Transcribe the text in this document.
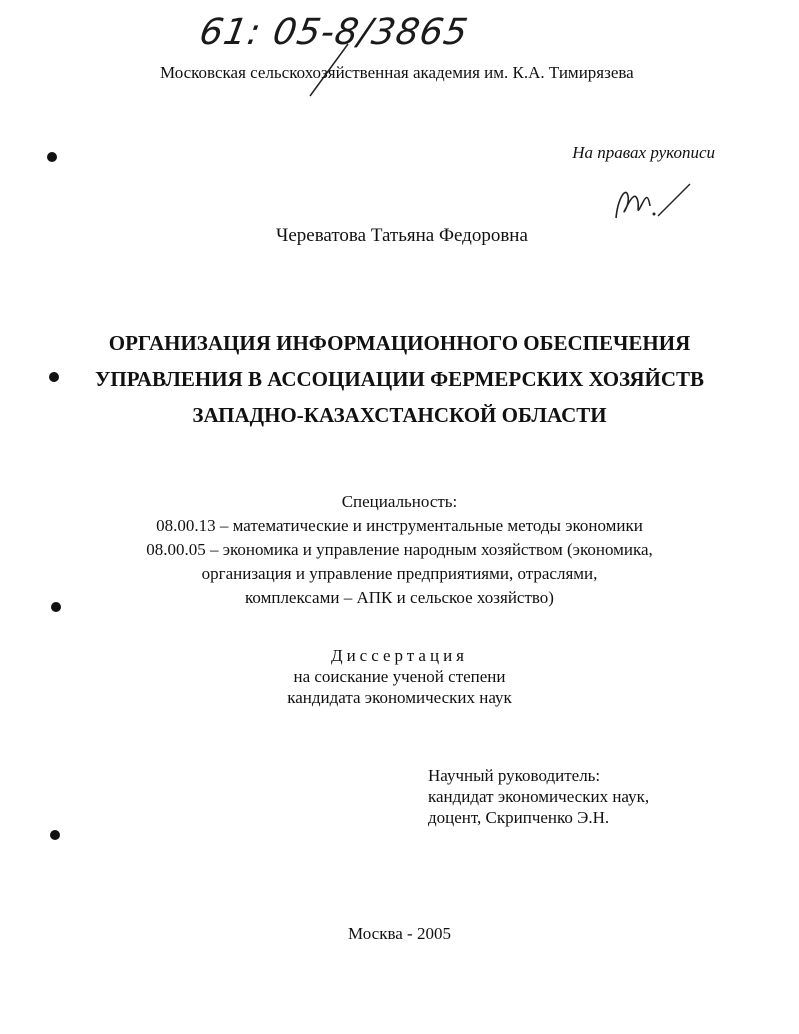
61: 05-8/3865
Московская сельскохозяйственная академия им. К.А. Тимирязева
На правах рукописи
Череватова Татьяна Федоровна
ОРГАНИЗАЦИЯ ИНФОРМАЦИОННОГО ОБЕСПЕЧЕНИЯ
УПРАВЛЕНИЯ В АССОЦИАЦИИ ФЕРМЕРСКИХ ХОЗЯЙСТВ
ЗАПАДНО-КАЗАХСТАНСКОЙ ОБЛАСТИ
Специальность:
08.00.13 – математические и инструментальные методы экономики
08.00.05 – экономика и управление народным хозяйством (экономика,
организация и управление предприятиями, отраслями,
комплексами – АПК и сельское хозяйство)
Диссертация
на соискание ученой степени
кандидата экономических наук
Научный руководитель:
кандидат экономических наук,
доцент, Скрипченко Э.Н.
Москва - 2005
